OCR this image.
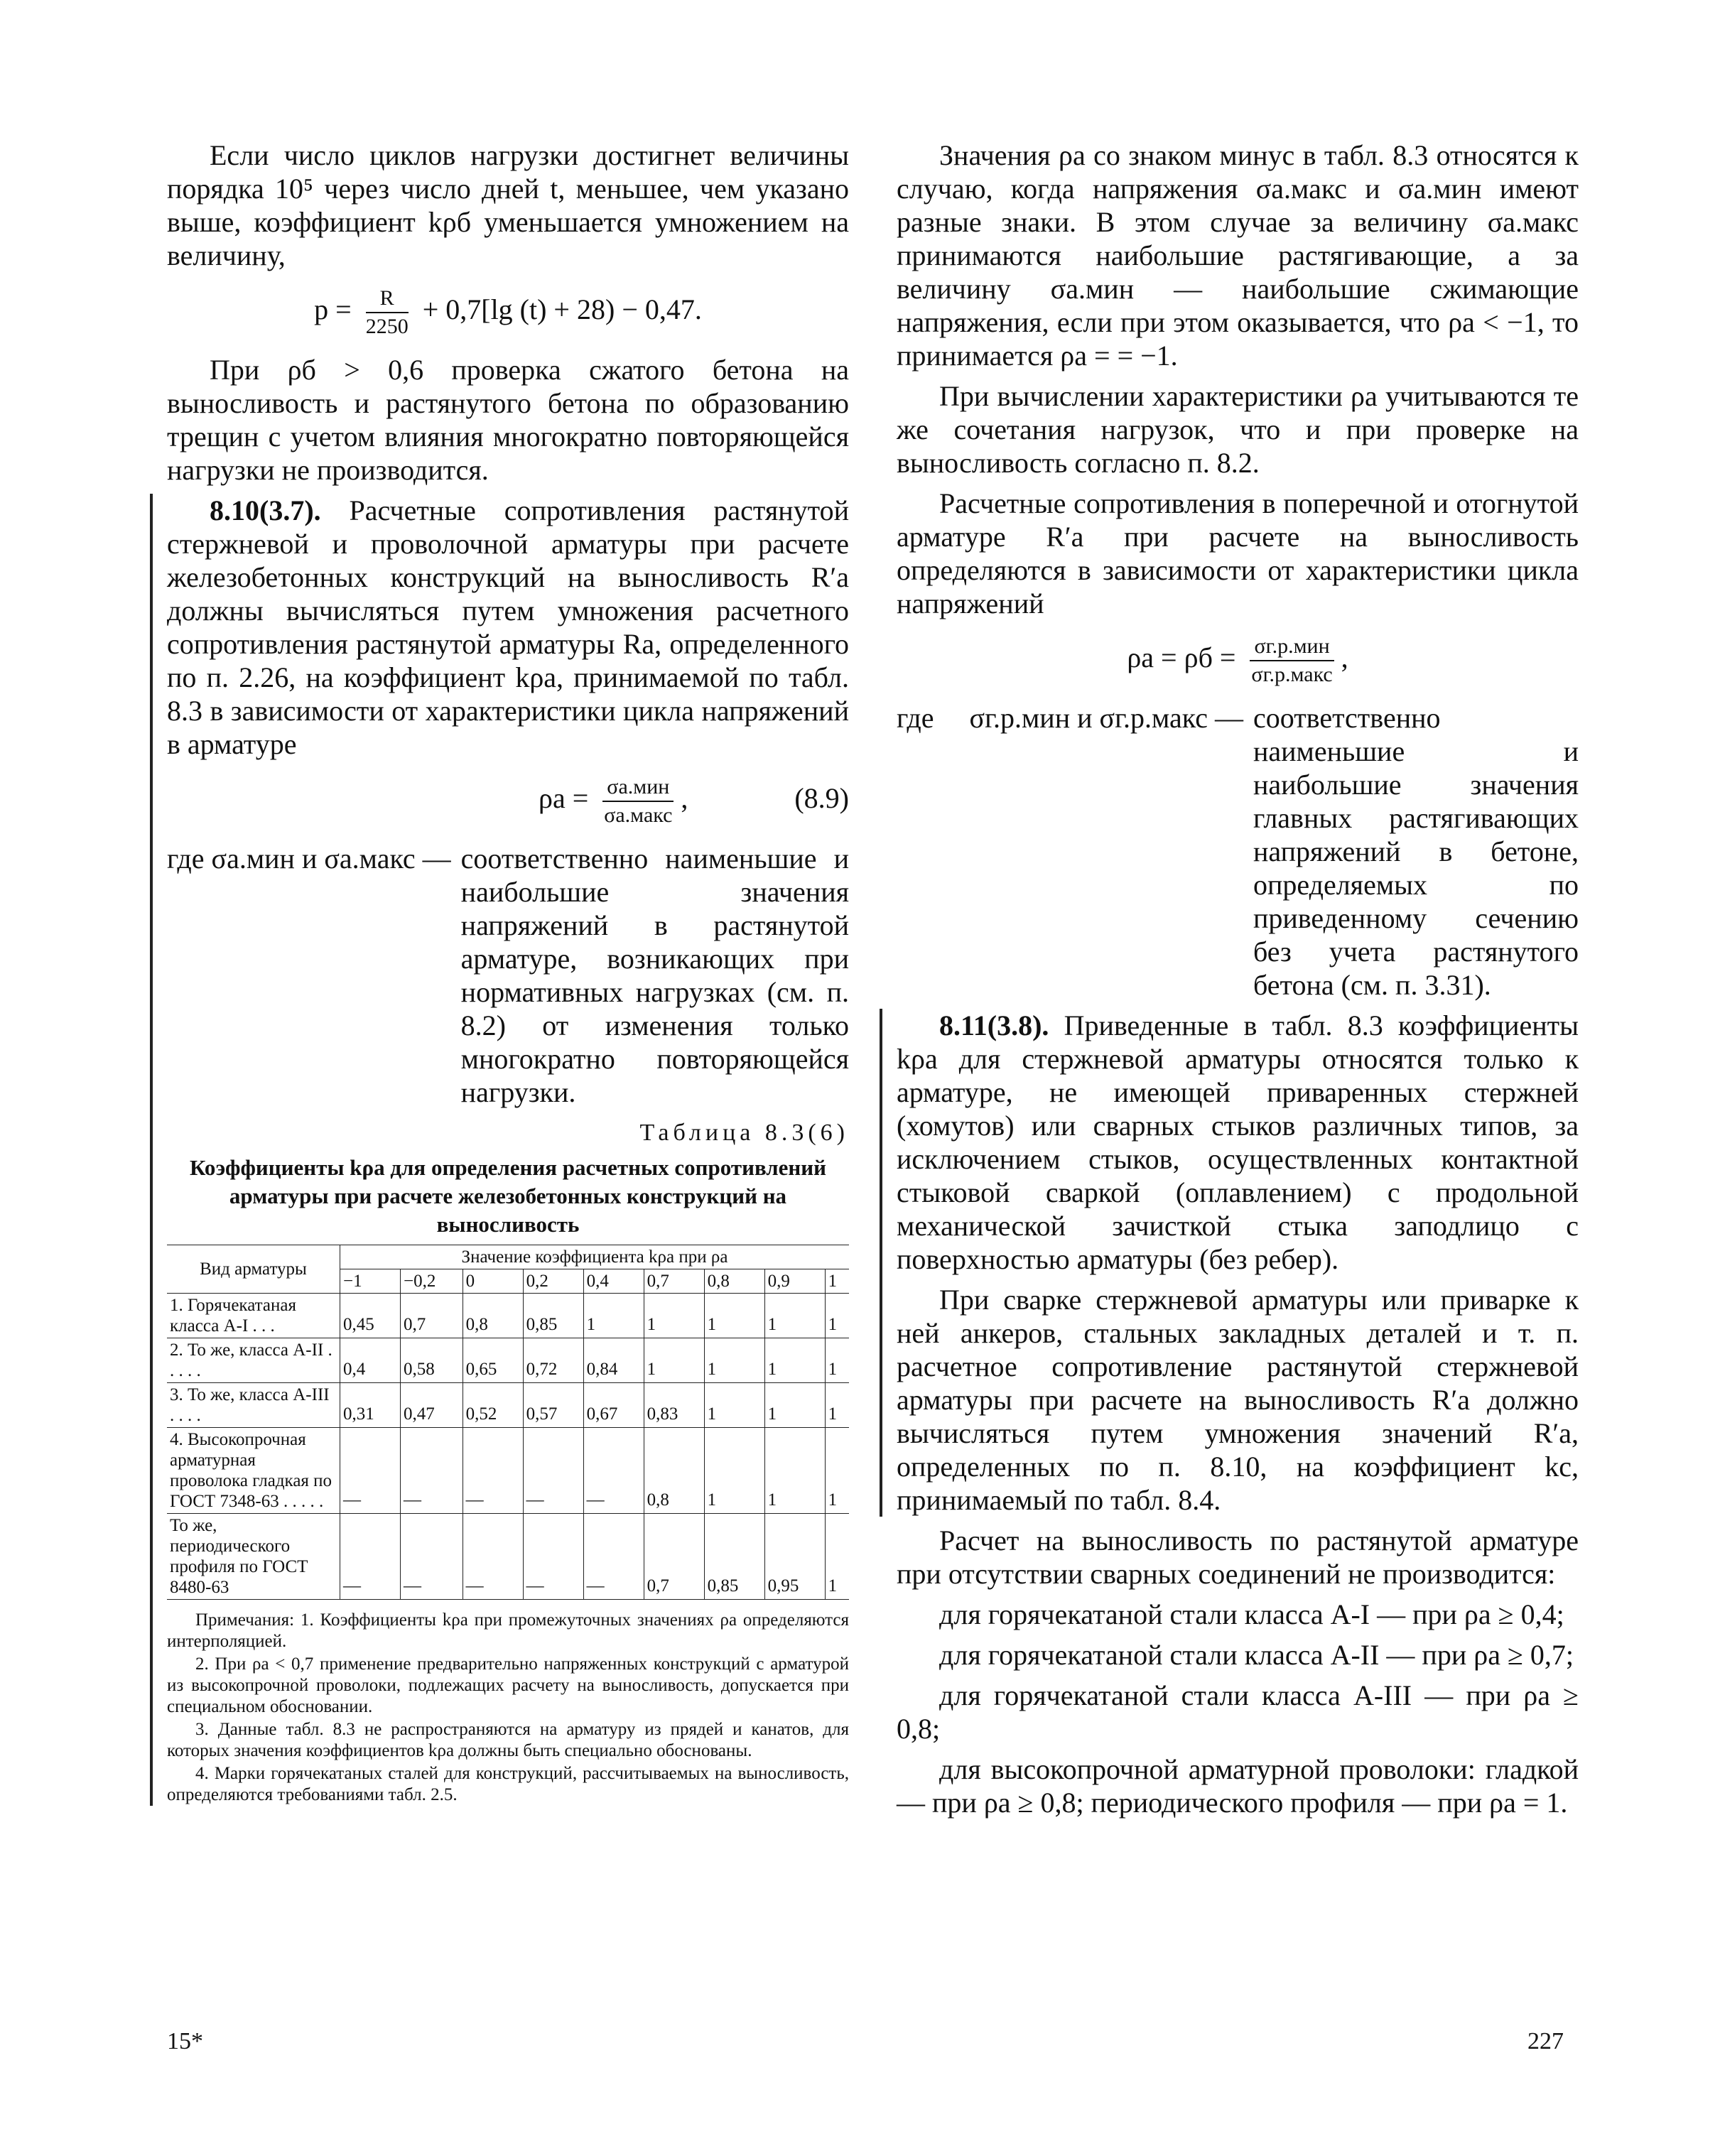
Если число циклов нагрузки достигнет величины порядка 10⁵ через число дней t, меньшее, чем указано выше, коэффициент kρб уменьшается умножением на величину,

$p = \frac{R}{2250} + 0,7[\lg$ (t) + 28) − 0,47.

При ρб > 0,6 проверка сжатого бетона на выносливость и растянутого бетона по образованию трещин с учетом влияния многократно повторяющейся нагрузки не производится.

8.10(3.7). Расчетные сопротивления растянутой стержневой и проволочной арматуры при расчете железобетонных конструкций на выносливость R′а должны вычисляться путем умножения расчетного сопротивления растянутой арматуры Rа, определенного по п. 2.26, на коэффициент kρа, принимаемой по табл. 8.3 в зависимости от характеристики цикла напряжений в арматуре

$\rho а = \frac{\text{σа.мин}}{\text{σа.макс}}$ ,	(8.9)
где σа.мин и σа.макс — соответственно наименьшие и наибольшие значения напряжений в растянутой арматуре, возникающих при нормативных нагрузках (см. п. 8.2) от изменения только многократно повторяющейся нагрузки.
Таблица 8.3(6)
Коэффициенты kρа для определения расчетных сопротивлений арматуры при расчете железобетонных конструкций на выносливость
Вид арматуры	Значение коэффициента kρа при ρа								
	−1	−0,2	0	0,2	0,4	0,7	0,8	0,9	1
1. Горячекатаная класса А-I . . .	0,45	0,7	0,8	0,85	1	1	1	1	1
2. То же, класса А-II . . . . .	0,4	0,58	0,65	0,72	0,84	1	1	1	1
3. То же, класса А-III . . . .	0,31	0,47	0,52	0,57	0,67	0,83	1	1	1
4. Высокопрочная арматурная проволока гладкая по ГОСТ 7348-63 . . . . .	—	—	—	—	—	0,8	1	1	1
То же, периодического профиля по ГОСТ 8480-63	—	—	—	—	—	0,7	0,85	0,95	1
Примечания: 1. Коэффициенты kρа при промежуточных значениях ρа определяются интерполяцией.
2. При ρа < 0,7 применение предварительно напряженных конструкций с арматурой из высокопрочной проволоки, подлежащих расчету на выносливость, допускается при специальном обосновании.
3. Данные табл. 8.3 не распространяются на арматуру из прядей и канатов, для которых значения коэффициентов kρа должны быть специально обоснованы.
4. Марки горячекатаных сталей для конструкций, рассчитываемых на выносливость, определяются требованиями табл. 2.5.

Значения ρа со знаком минус в табл. 8.3 относятся к случаю, когда напряжения σа.макс и σа.мин имеют разные знаки. В этом случае за величину σа.макс принимаются наибольшие растягивающие, а за величину σа.мин — наибольшие сжимающие напряжения, если при этом оказывается, что ρа < −1, то принимается ρа = = −1.

При вычислении характеристики ρа учитываются те же сочетания нагрузок, что и при проверке на выносливость согласно п. 8.2.

Расчетные сопротивления в поперечной и отогнутой арматуре R′а при расчете на выносливость определяются в зависимости от характеристики цикла напряжений

$\rho а = \rho б = \frac{\text{σг.р.мин}}{\text{σг.р.макс}}$ ,
где	σг.р.мин и σг.р.макс — соответственно наименьшие и наибольшие значения главных растягивающих напряжений в бетоне, определяемых по приведенному сечению без учета растянутого бетона (см. п. 3.31).

8.11(3.8). Приведенные в табл. 8.3 коэффициенты kρа для стержневой арматуры относятся только к арматуре, не имеющей приваренных стержней (хомутов) или сварных стыков различных типов, за исключением стыков, осуществленных контактной стыковой сваркой (оплавлением) с продольной механической зачисткой стыка заподлицо с поверхностью арматуры (без ребер).

При сварке стержневой арматуры или приварке к ней анкеров, стальных закладных деталей и т. п. расчетное сопротивление растянутой стержневой арматуры при расчете на выносливость R′а должно вычисляться путем умножения значений R′а, определенных по п. 8.10, на коэффициент kс, принимаемый по табл. 8.4.

Расчет на выносливость по растянутой арматуре при отсутствии сварных соединений не производится:

для горячекатаной стали класса А-I — при ρа ≥ 0,4;

для горячекатаной стали класса А-II — при ρа ≥ 0,7;

для горячекатаной стали класса А-III — при ρа ≥ 0,8;

для высокопрочной арматурной проволоки: гладкой — при ρа ≥ 0,8; периодического профиля — при ρа = 1.

15*	227
